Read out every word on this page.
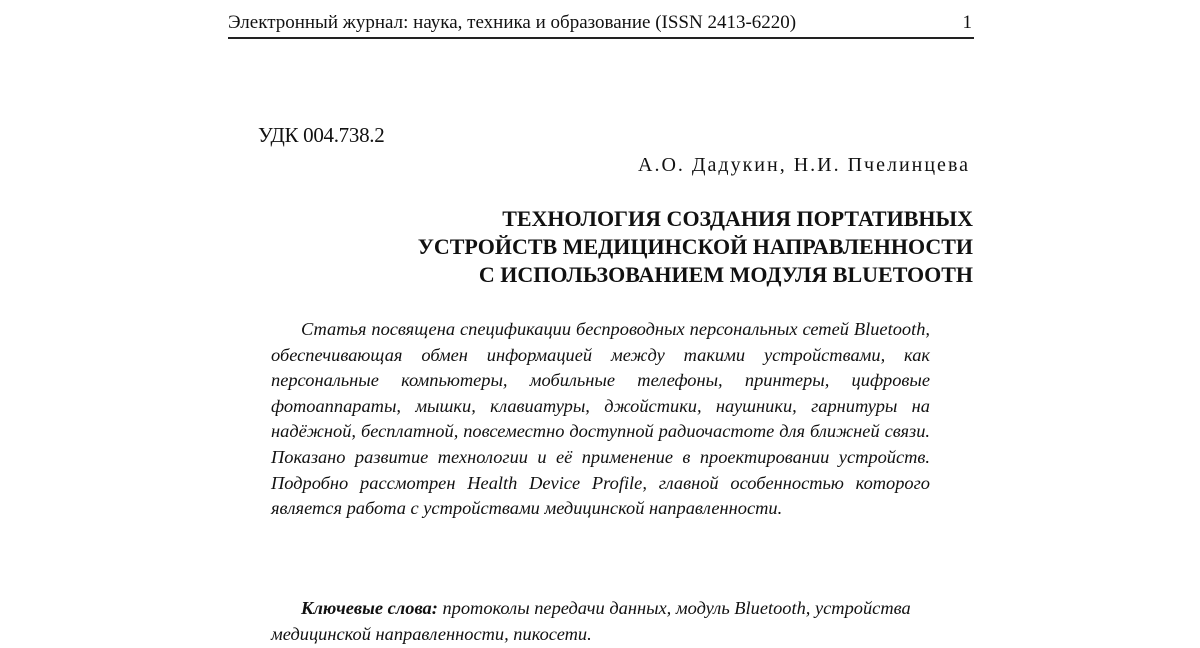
Электронный журнал: наука, техника и образование (ISSN 2413-6220)	1
УДК 004.738.2
А.О. Дадукин, Н.И. Пчелинцева
ТЕХНОЛОГИЯ СОЗДАНИЯ ПОРТАТИВНЫХ
УСТРОЙСТВ МЕДИЦИНСКОЙ НАПРАВЛЕННОСТИ
С ИСПОЛЬЗОВАНИЕМ МОДУЛЯ BLUETOOTH

Статья посвящена спецификации беспроводных персональных сетей Bluetooth, обеспечивающая обмен информацией между такими устройствами, как персональные компьютеры, мобильные телефоны, принтеры, цифровые фотоаппараты, мышки, клавиатуры, джойстики, наушники, гарнитуры на надёжной, бесплатной, повсеместно доступной радиочастоте для ближней связи. Показано развитие технологии и её применение в проектировании устройств. Подробно рассмотрен Health Device Profile, главной особенностью которого является работа с устройствами медицинской направленности.

Ключевые слова: протоколы передачи данных, модуль Bluetooth, устройства медицинской направленности, пикосети.
